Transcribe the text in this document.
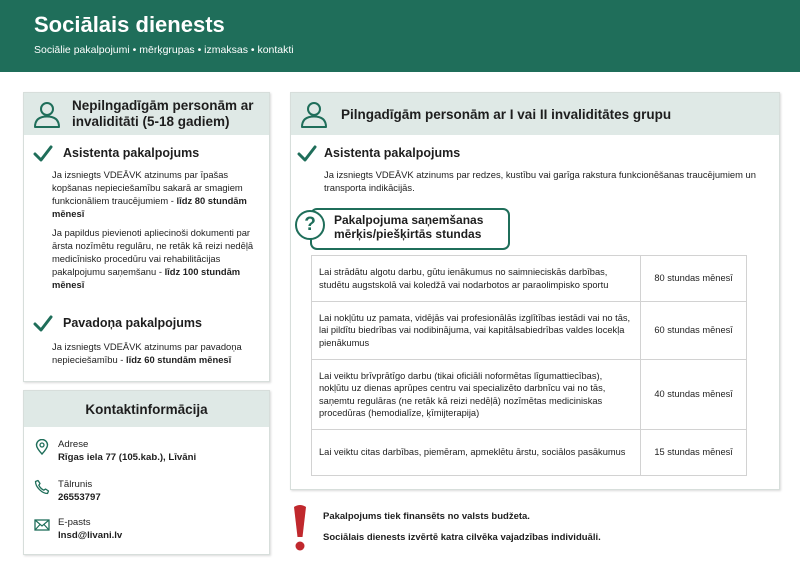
Sociālais dienests
Sociālie pakalpojumi • mērķgrupas • izmaksas • kontakti
Nepilngadīgām personām ar invaliditāti (5-18 gadiem)
Asistenta pakalpojums
Ja izsniegts VDEĀVK atzinums par īpašas kopšanas nepieciešamību sakarā ar smagiem funkcionāliem traucējumiem - līdz 80 stundām mēnesī
Ja papildus pievienoti apliecinoši dokumenti par ārsta nozīmētu regulāru, ne retāk kā reizi nedēļā medicīnisko procedūru vai rehabilitācijas pakalpojumu saņemšanu - līdz 100 stundām mēnesī
Pavadoņa pakalpojums
Ja izsniegts VDEĀVK atzinums par pavadoņa nepieciešamību - līdz 60 stundām mēnesī
Kontaktinformācija
Adrese
Rīgas iela 77 (105.kab.), Līvāni
Tālrunis
26553797
E-pasts
lnsd@livani.lv
Pilngadīgām personām ar I vai II invaliditātes grupu
Asistenta pakalpojums
Ja izsniegts VDEĀVK atzinums par redzes, kustību vai garīga rakstura funkcionēšanas traucējumiem un transporta indikācijās.
?	Pakalpojuma saņemšanas mērķis/piešķirtās stundas
Lai strādātu algotu darbu, gūtu ienākumus no saimnieciskās darbības, studētu augstskolā vai koledžā vai nodarbotos ar paraolimpisko sportu	80 stundas mēnesī
Lai nokļūtu uz pamata, vidējās vai profesionālās izglītības iestādi vai no tās, lai pildītu biedrības vai nodibinājuma, vai kapitālsabiedrības valdes locekļa pienākumus	60 stundas mēnesī
Lai veiktu brīvprātīgo darbu (tikai oficiāli noformētas līgumattiecības), nokļūtu uz dienas aprūpes centru vai specializēto darbnīcu vai no tās, saņemtu regulāras (ne retāk kā reizi nedēļā) nozīmētas mediciniskas procedūras (hemodialīze, ķīmijterapija)	40 stundas mēnesī
Lai veiktu citas darbības, piemēram, apmeklētu ārstu, sociālos pasākumus	15 stundas mēnesī
Pakalpojums tiek finansēts no valsts budžeta.
Sociālais dienests izvērtē katra cilvēka vajadzības individuāli.
